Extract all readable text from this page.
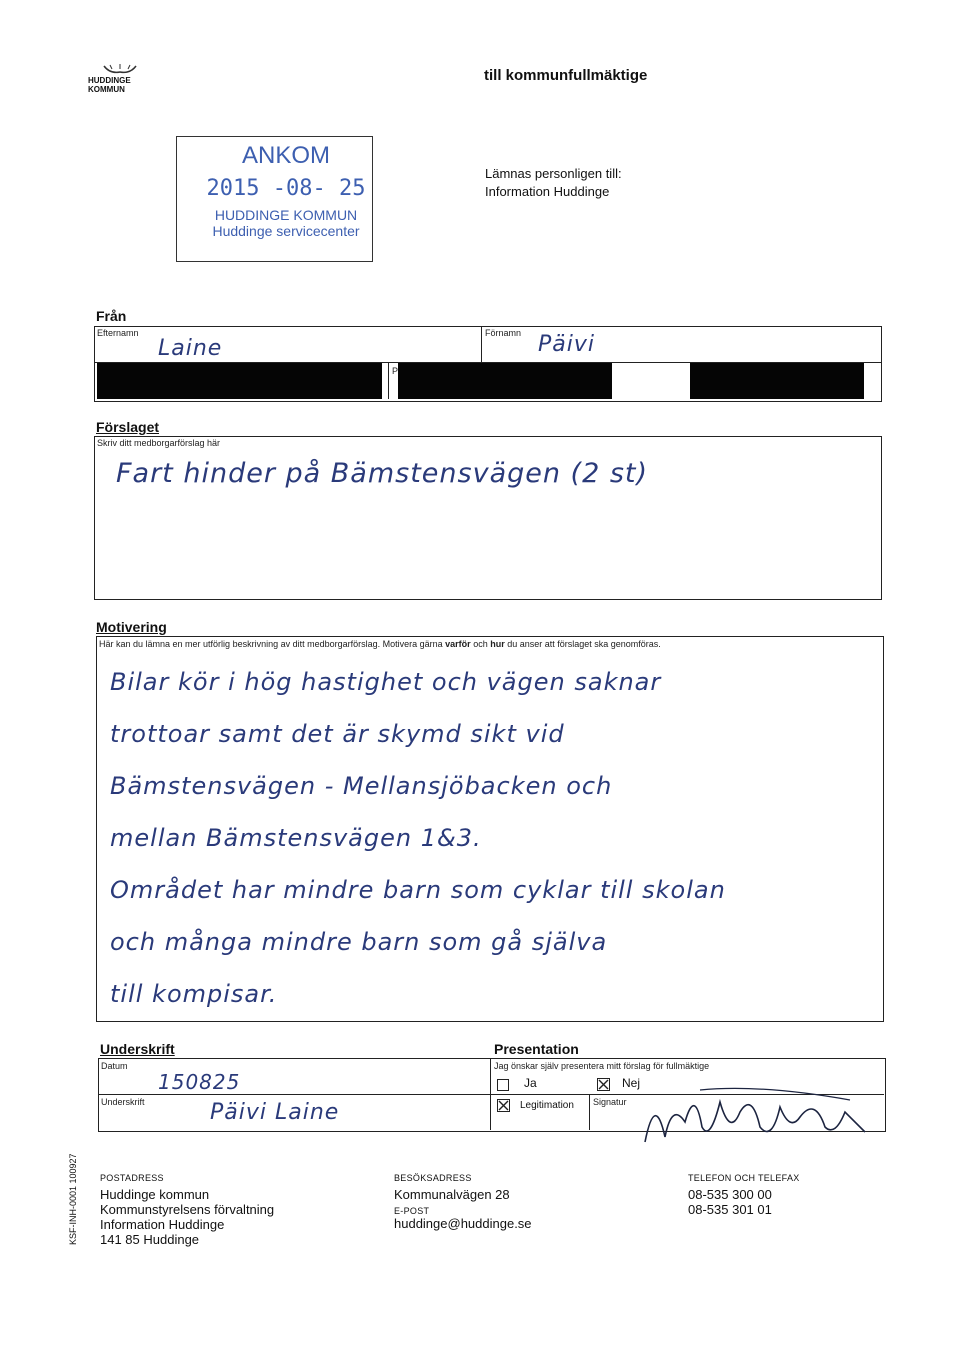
HUDDINGE
KOMMUN
till kommunfullmäktige
ANKOM
2015 -08- 25
HUDDINGE KOMMUN
Huddinge servicecenter
Lämnas personligen till:
Information Huddinge
Från
Efternamn
Laine
Förnamn Päivi
P
Förslaget
Skriv ditt medborgarförslag här
Fart hinder på Bämstensvägen (2 st)
Motivering
Här kan du lämna en mer utförlig beskrivning av ditt medborgarförslag. Motivera gärna varför och hur du anser att förslaget ska genomföras.
Bilar kör i hög hastighet och vägen saknar
trottoar samt det är skymd sikt vid
Bämstensvägen - Mellansjöbacken och
mellan Bämstensvägen 1&3.
Området har mindre barn som cyklar till skolan
och många mindre barn som gå själva
till kompisar.
Underskrift
Datum
150825
Underskrift	Päivi Laine
Presentation
Jag önskar själv presentera mitt förslag för fullmäktige
Ja	Nej
Legitimation Signatur
KSF-INH-0001 100927 POSTADRESS
Huddinge kommun
Kommunstyrelsens förvaltning
Information Huddinge
141 85 Huddinge
BESÖKSADRESS
Kommunalvägen 28
E-POST
huddinge@huddinge.se
TELEFON OCH TELEFAX
08-535 300 00
08-535 301 01
